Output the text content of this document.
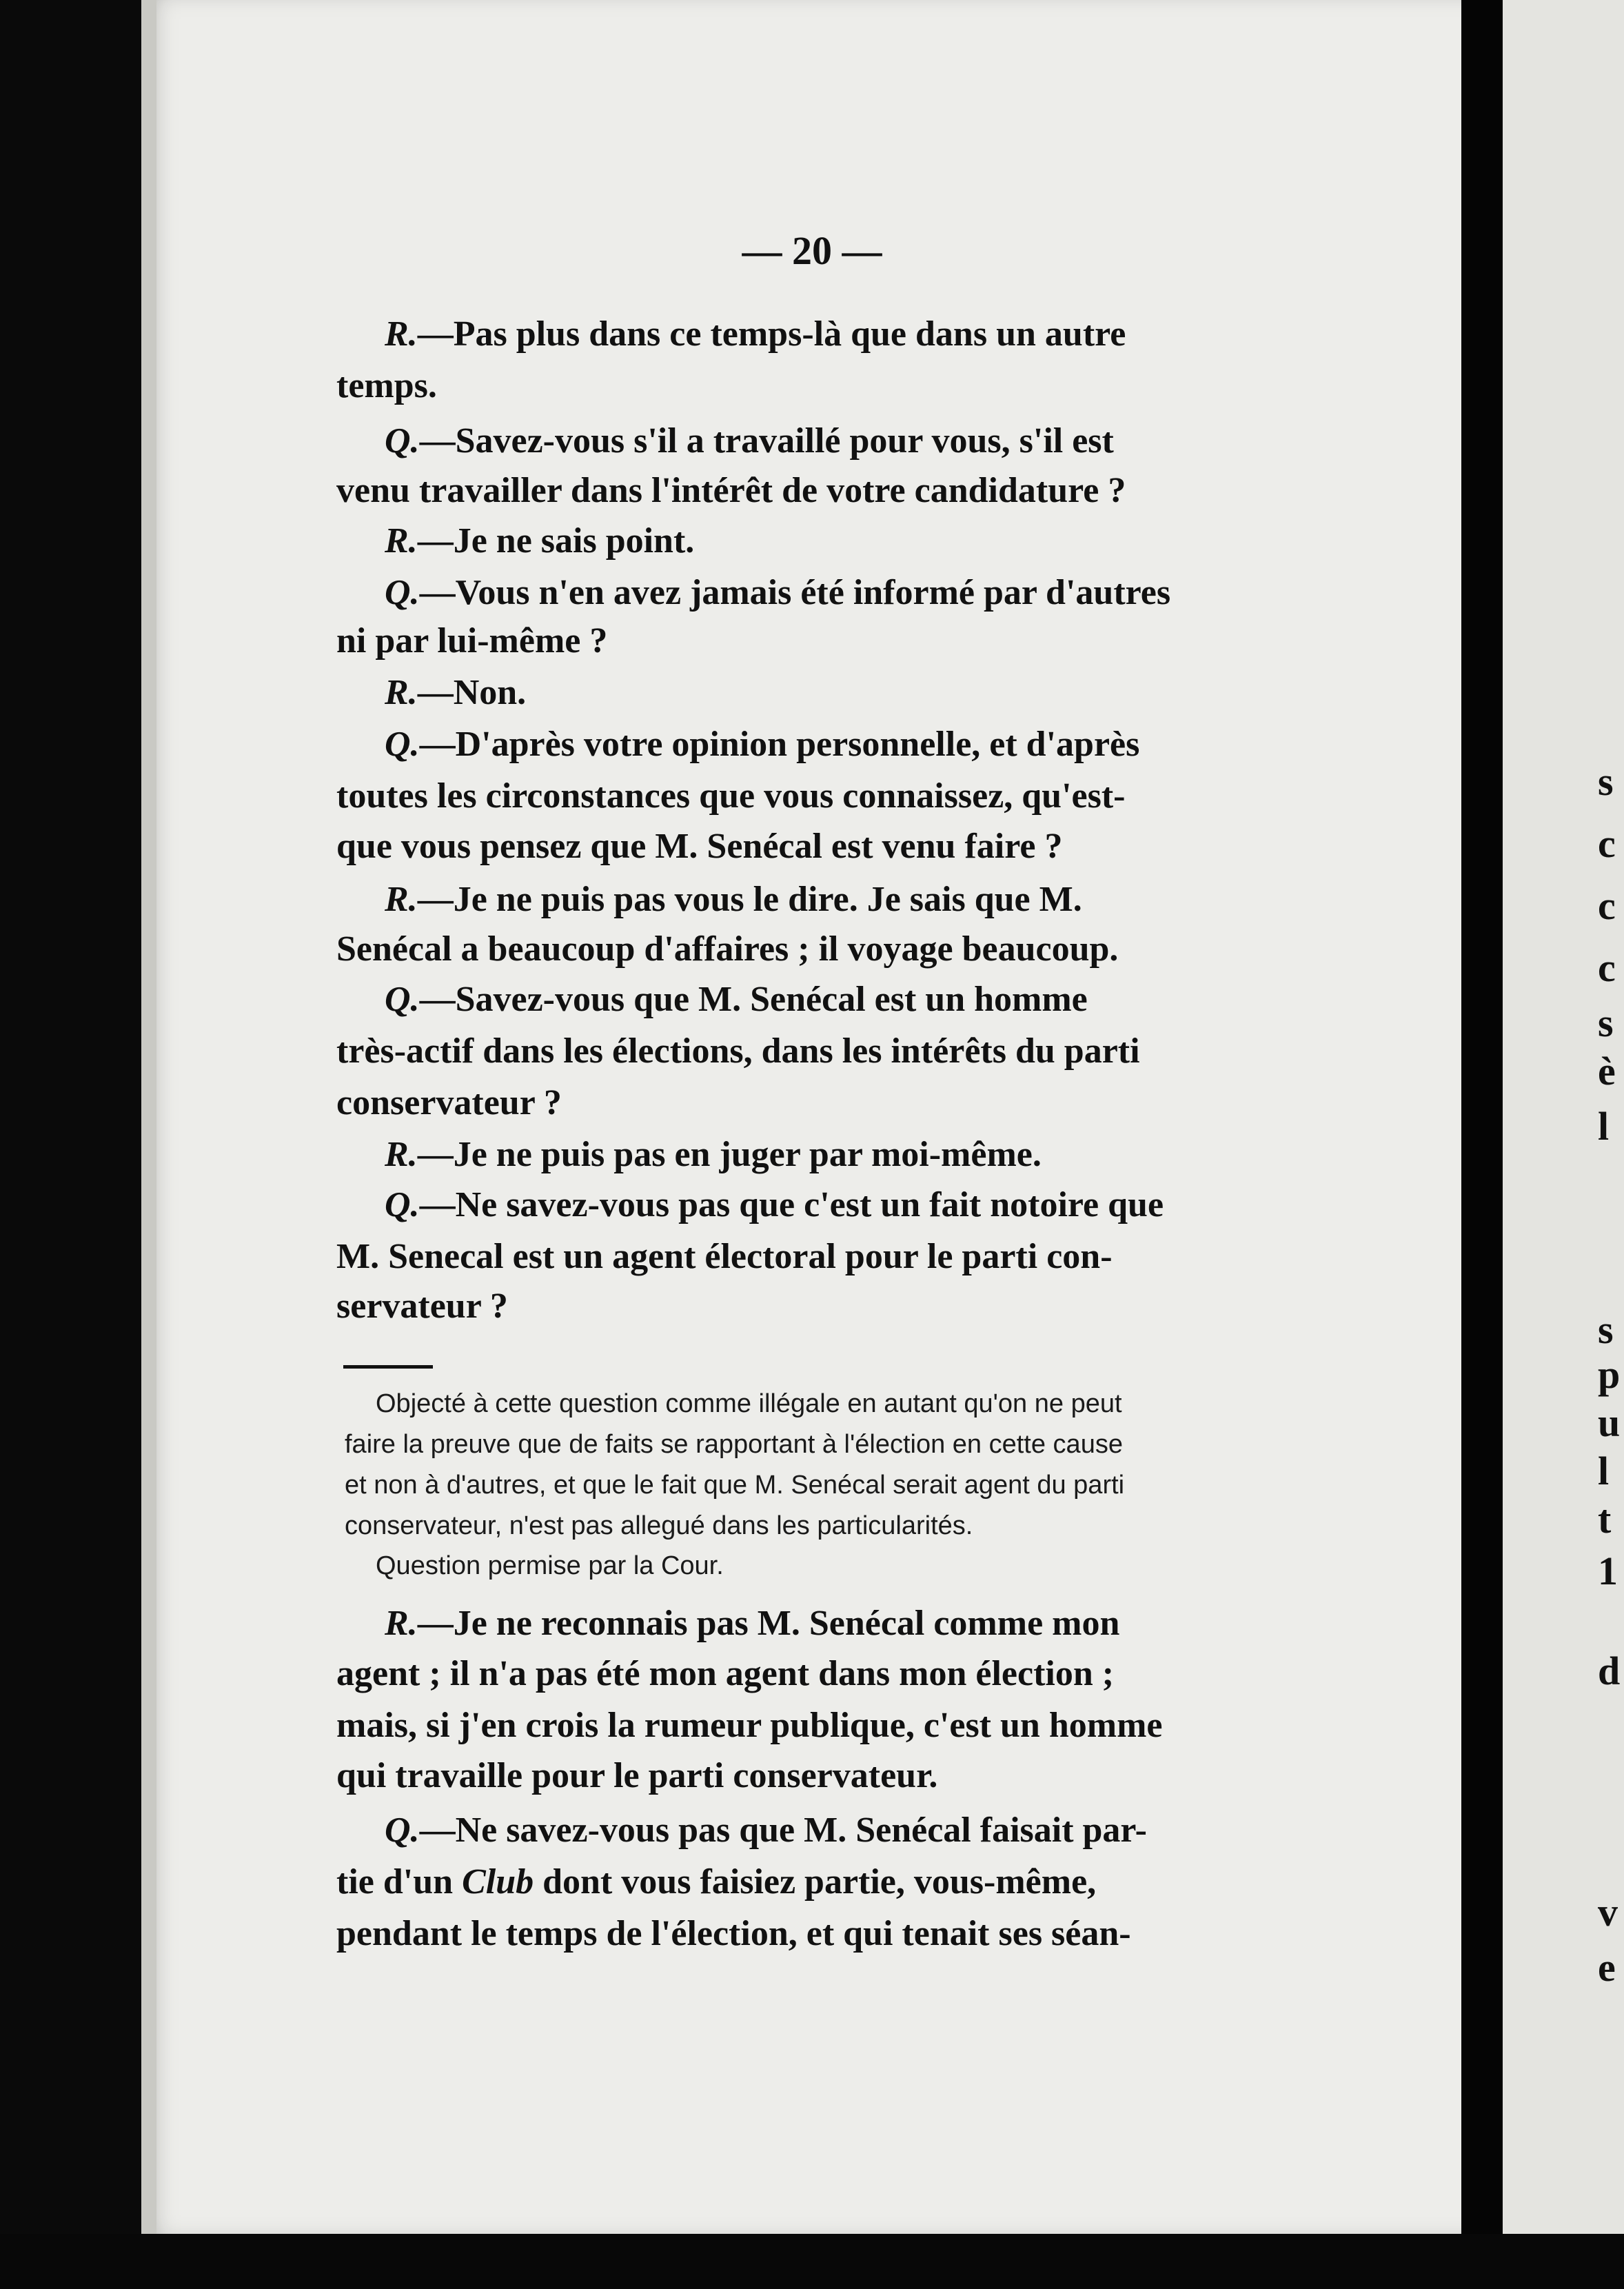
s
c
c
c
s
è
l
s
p
u
l
t
1
d
v
e
— 20 —
R.—Pas plus dans ce temps-là que dans un autre
temps.
Q.—Savez-vous s'il a travaillé pour vous, s'il est
venu travailler dans l'intérêt de votre candidature ?
R.—Je ne sais point.
Q.—Vous n'en avez jamais été informé par d'autres
ni par lui-même ?
R.—Non.
Q.—D'après votre opinion personnelle, et d'après
toutes les circonstances que vous connaissez, qu'est-
que vous pensez que M. Senécal est venu faire ?
R.—Je ne puis pas vous le dire. Je sais que M.
Senécal a beaucoup d'affaires ; il voyage beaucoup.
Q.—Savez-vous que M. Senécal est un homme
très-actif dans les élections, dans les intérêts du parti
conservateur ?
R.—Je ne puis pas en juger par moi-même.
Q.—Ne savez-vous pas que c'est un fait notoire que
M. Senecal est un agent électoral pour le parti con-
servateur ?
Objecté à cette question comme illégale en autant qu'on ne peut
faire la preuve que de faits se rapportant à l'élection en cette cause
et non à d'autres, et que le fait que M. Senécal serait agent du parti
conservateur, n'est pas allegué dans les particularités.
Question permise par la Cour.
R.—Je ne reconnais pas M. Senécal comme mon
agent ; il n'a pas été mon agent dans mon élection ;
mais, si j'en crois la rumeur publique, c'est un homme
qui travaille pour le parti conservateur.
Q.—Ne savez-vous pas que M. Senécal faisait par-
tie d'un Club dont vous faisiez partie, vous-même,
pendant le temps de l'élection, et qui tenait ses séan-
